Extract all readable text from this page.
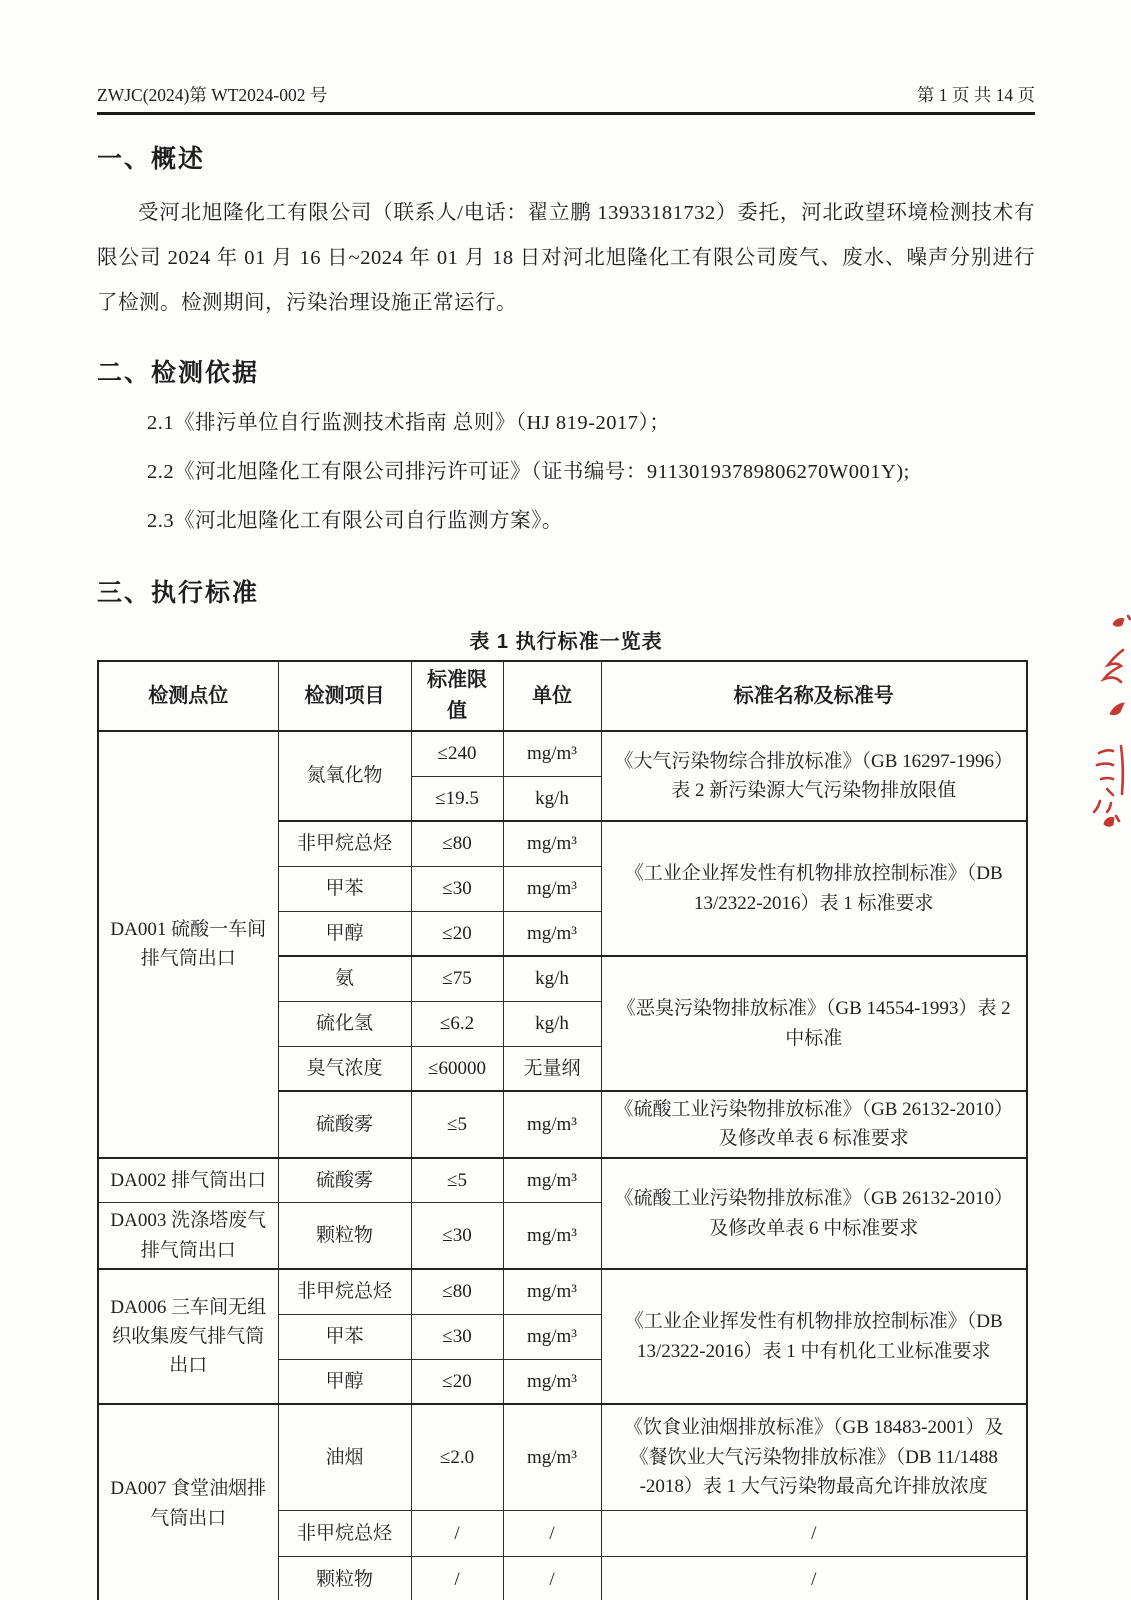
ZWJC(2024)第 WT2024-002 号	第 1 页 共 14 页
一、概述

受河北旭隆化工有限公司（联系人/电话：翟立鹏 13933181732）委托，河北政望环境检测技术有限公司 2024 年 01 月 16 日~2024 年 01 月 18 日对河北旭隆化工有限公司废气、废水、噪声分别进行了检测。检测期间，污染治理设施正常运行。

二、检测依据
2.1《排污单位自行监测技术指南 总则》（HJ 819-2017）；
2.2《河北旭隆化工有限公司排污许可证》（证书编号：91130193789806270W001Y);
2.3《河北旭隆化工有限公司自行监测方案》。
三、执行标准
表 1 执行标准一览表
检测点位	检测项目	标准限值	单位	标准名称及标准号
DA001 硫酸一车间排气筒出口	氮氧化物	≤240	mg/m³	《大气污染物综合排放标准》（GB 16297-1996）表 2 新污染源大气污染物排放限值
		≤19.5	kg/h	
	非甲烷总烃	≤80	mg/m³	《工业企业挥发性有机物排放控制标准》（DB 13/2322-2016）表 1 标准要求
	甲苯	≤30	mg/m³	
	甲醇	≤20	mg/m³	
	氨	≤75	kg/h	《恶臭污染物排放标准》（GB 14554-1993）表 2 中标准
	硫化氢	≤6.2	kg/h	
	臭气浓度	≤60000	无量纲	
	硫酸雾	≤5	mg/m³	《硫酸工业污染物排放标准》（GB 26132-2010）及修改单表 6 标准要求
DA002 排气筒出口	硫酸雾	≤5	mg/m³	《硫酸工业污染物排放标准》（GB 26132-2010）及修改单表 6 中标准要求
DA003 洗涤塔废气排气筒出口	颗粒物	≤30	mg/m³	
DA006 三车间无组织收集废气排气筒出口	非甲烷总烃	≤80	mg/m³	《工业企业挥发性有机物排放控制标准》（DB 13/2322-2016）表 1 中有机化工业标准要求
	甲苯	≤30	mg/m³	
	甲醇	≤20	mg/m³	
DA007 食堂油烟排气筒出口	油烟	≤2.0	mg/m³	《饮食业油烟排放标准》（GB 18483-2001）及《餐饮业大气污染物排放标准》（DB 11/1488 -2018）表 1 大气污染物最高允许排放浓度
	非甲烷总烃	/	/	/
	颗粒物	/	/	/
